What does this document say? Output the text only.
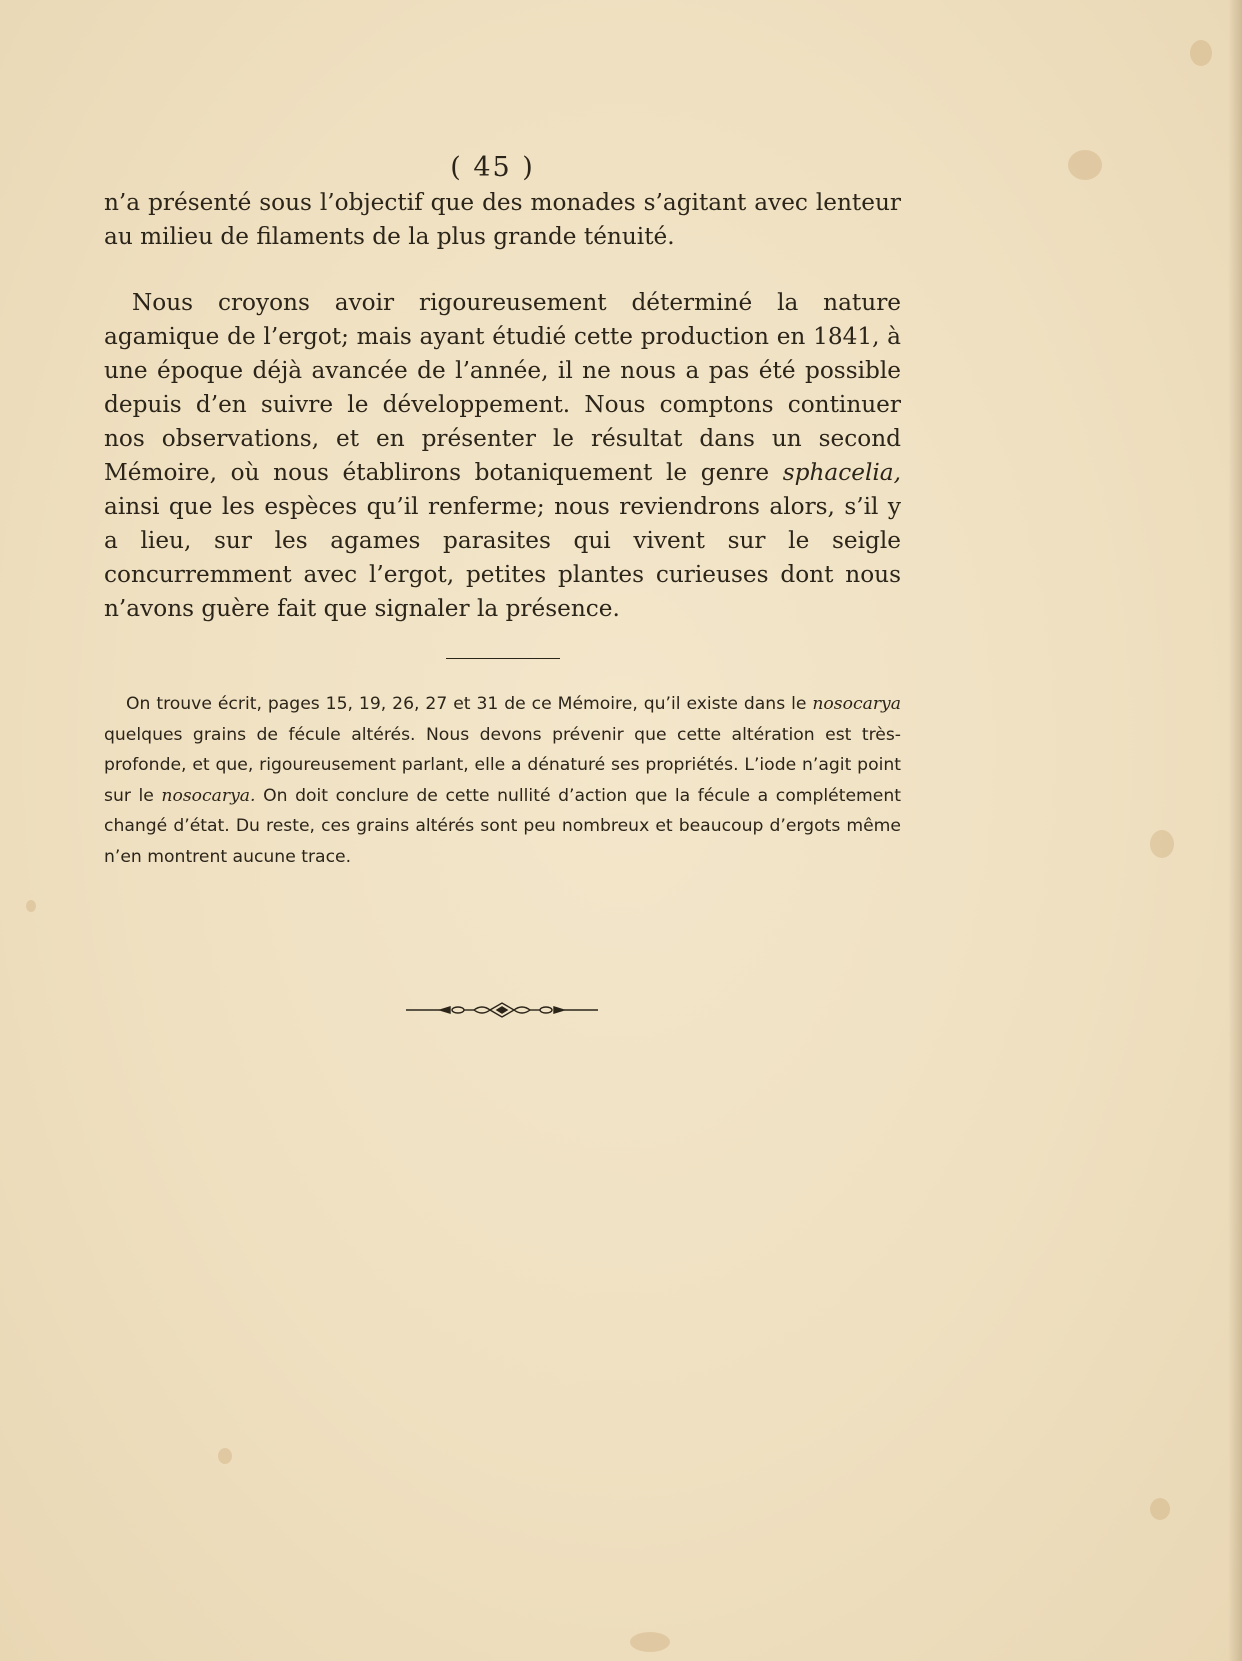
( 45 )

n’a présenté sous l’objectif que des monades s’agitant avec lenteur au milieu de filaments de la plus grande ténuité.

Nous croyons avoir rigoureusement déterminé la nature agamique de l’ergot; mais ayant étudié cette production en 1841, à une époque déjà avancée de l’année, il ne nous a pas été possible depuis d’en suivre le développement. Nous comptons continuer nos observations, et en présenter le résultat dans un second Mémoire, où nous établirons botaniquement le genre sphacelia, ainsi que les espèces qu’il renferme; nous reviendrons alors, s’il y a lieu, sur les agames parasites qui vivent sur le seigle concurremment avec l’ergot, petites plantes curieuses dont nous n’avons guère fait que signaler la présence.

On trouve écrit, pages 15, 19, 26, 27 et 31 de ce Mémoire, qu’il existe dans le nosocarya quelques grains de fécule altérés. Nous devons prévenir que cette altération est très-profonde, et que, rigoureusement parlant, elle a dénaturé ses propriétés. L’iode n’agit point sur le nosocarya. On doit conclure de cette nullité d’action que la fécule a complétement changé d’état. Du reste, ces grains altérés sont peu nombreux et beaucoup d’ergots même n’en montrent aucune trace.
